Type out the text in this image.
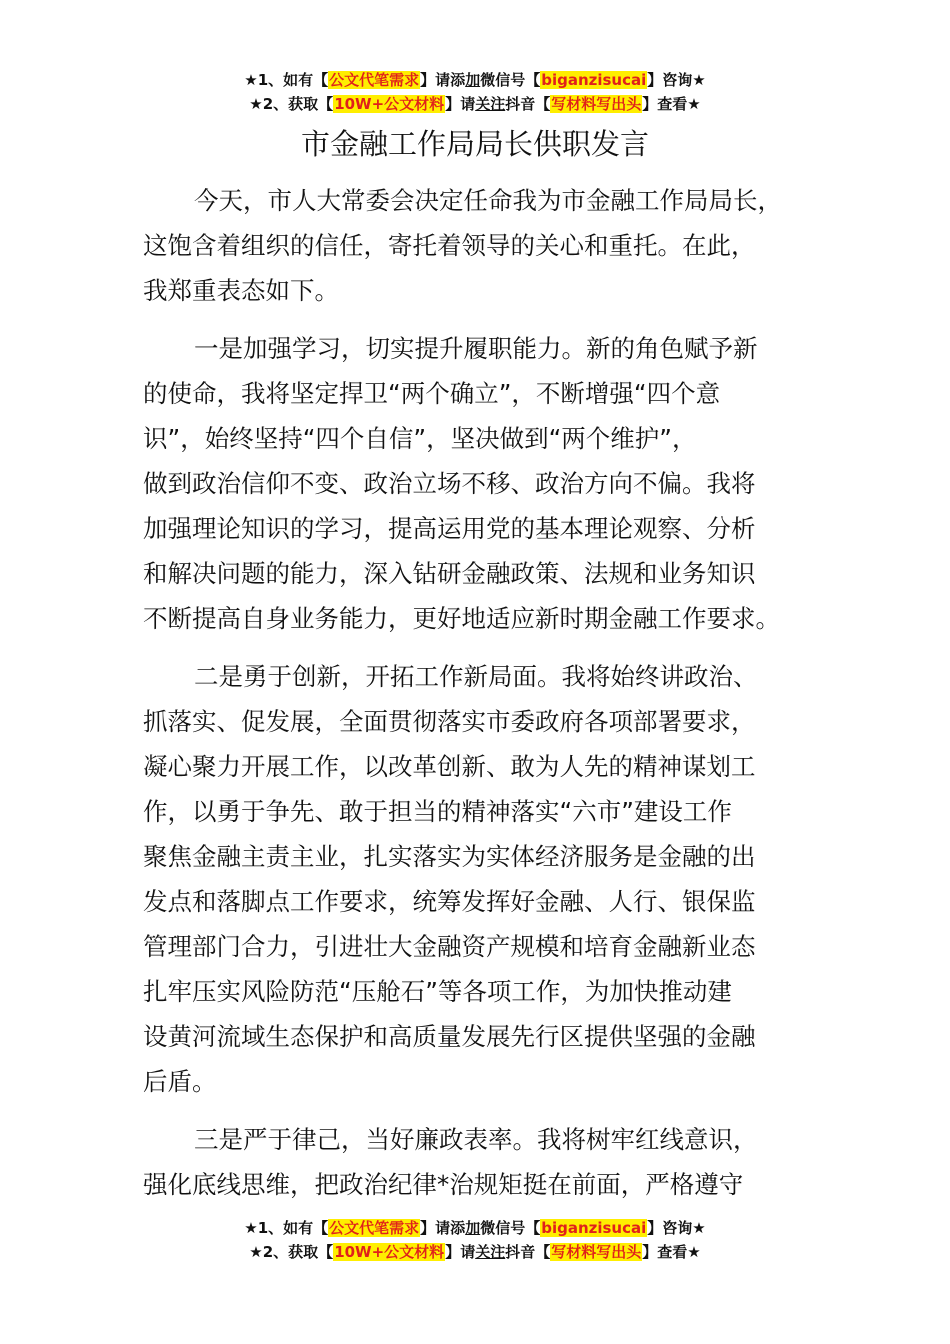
★1、如有【公文代笔需求】请添加微信号【biganzisucai】咨询★
★2、获取【10W+公文材料】请关注抖音【写材料写出头】查看★
市金融工作局局长供职发言
今天，市人大常委会决定任命我为市金融工作局局长，
这饱含着组织的信任，寄托着领导的关心和重托。在此，
我郑重表态如下。
一是加强学习，切实提升履职能力。新的角色赋予新
的使命，我将坚定捍卫“两个确立”，不断增强“四个意
识”，始终坚持“四个自信”，坚决做到“两个维护”，
做到政治信仰不变、政治立场不移、政治方向不偏。我将
加强理论知识的学习，提高运用党的基本理论观察、分析
和解决问题的能力，深入钻研金融政策、法规和业务知识
不断提高自身业务能力，更好地适应新时期金融工作要求。
二是勇于创新，开拓工作新局面。我将始终讲政治、
抓落实、促发展，全面贯彻落实市委政府各项部署要求，
凝心聚力开展工作，以改革创新、敢为人先的精神谋划工
作，以勇于争先、敢于担当的精神落实“六市”建设工作
聚焦金融主责主业，扎实落实为实体经济服务是金融的出
发点和落脚点工作要求，统筹发挥好金融、人行、银保监
管理部门合力，引进壮大金融资产规模和培育金融新业态
扎牢压实风险防范“压舱石”等各项工作，为加快推动建
设黄河流域生态保护和高质量发展先行区提供坚强的金融
后盾。
三是严于律己，当好廉政表率。我将树牢红线意识，
强化底线思维，把政治纪律*治规矩挺在前面，严格遵守
★1、如有【公文代笔需求】请添加微信号【biganzisucai】咨询★
★2、获取【10W+公文材料】请关注抖音【写材料写出头】查看★
